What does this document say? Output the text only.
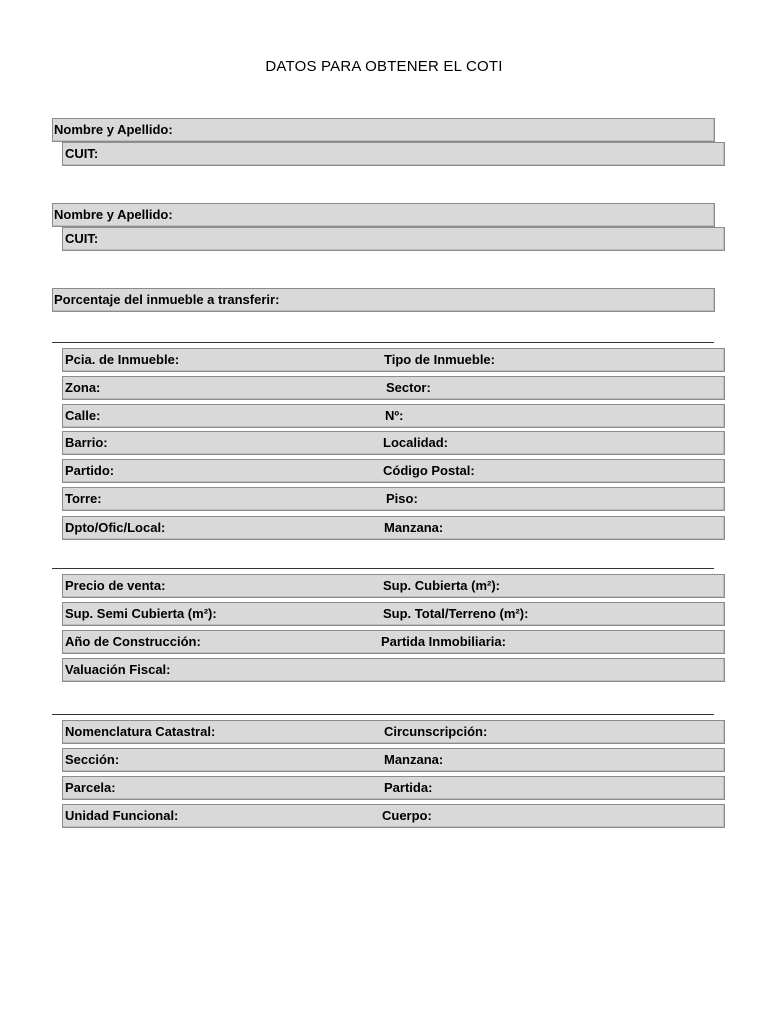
DATOS PARA OBTENER EL COTI
Nombre y Apellido:
CUIT:
Nombre y Apellido:
CUIT:
Porcentaje del inmueble a transferir:
Pcia. de Inmueble:	Tipo de Inmueble:
Zona:	Sector:
Calle:	Nº:
Barrio:	Localidad:
Partido:	Código Postal:
Torre:	Piso:
Dpto/Ofic/Local:	Manzana:
Precio de venta:	Sup. Cubierta (m²):
Sup. Semi Cubierta (m²):	Sup. Total/Terreno (m²):
Año de Construcción:	Partida Inmobiliaria:
Valuación Fiscal:
Nomenclatura Catastral:	Circunscripción:
Sección:	Manzana:
Parcela:	Partida:
Unidad Funcional:	Cuerpo:
